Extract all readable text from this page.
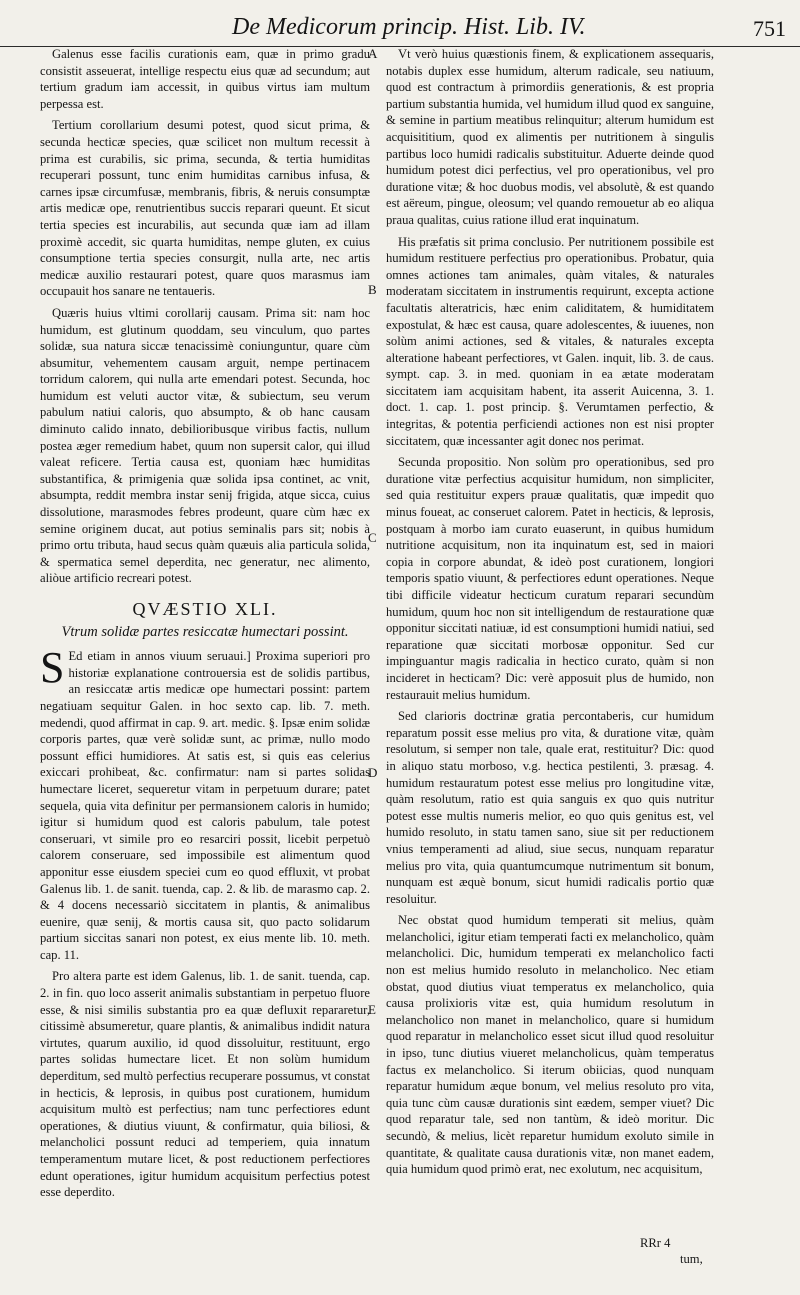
De Medicorum princip. Hist. Lib. IV.	751

Galenus esse facilis curationis eam, quæ in primo gradu consistit asseuerat, intellige respectu eius quæ ad secundum; aut tertium gradum iam accessit, in quibus virtus iam multum perpessa est.

Tertium corollarium desumi potest, quod sicut prima, & secunda hecticæ species, quæ scilicet non multum recessit à prima est curabilis, sic prima, secunda, & tertia humiditas recuperari possunt, tunc enim humiditas carnibus infusa, & carnes ipsæ circumfusæ, membranis, fibris, & neruis consumptæ artis medicæ ope, renutrientibus succis reparari queunt. Et sicut tertia species est incurabilis, aut secunda quæ iam ad illam proximè accedit, sic quarta humiditas, nempe gluten, ex cuius consumptione tertia species consurgit, nulla arte, nec artis medicæ auxilio restaurari potest, quare quos marasmus iam occupauit hos sanare ne tentaueris.

Quæris huius vltimi corollarij causam. Prima sit: nam hoc humidum, est glutinum quoddam, seu vinculum, quo partes solidæ, sua natura siccæ tenacissimè coniunguntur, quare cùm absumitur, vehementem causam arguit, nempe pertinacem torridum calorem, qui nulla arte emendari potest. Secunda, hoc humidum est veluti auctor vitæ, & subiectum, seu verum pabulum natiui caloris, quo absumpto, & ob hanc causam diminuto calido innato, debilioribusque viribus factis, nullum postea æger remedium habet, quum non supersit calor, qui illud valeat reficere. Tertia causa est, quoniam hæc humiditas substantifica, & primigenia quæ solida ipsa continet, ac vnit, absumpta, reddit membra instar senij frigida, atque sicca, cuius dissolutione, marasmodes febres prodeunt, quare cùm hæc ex semine originem ducat, aut potius seminalis pars sit; nobis à primo ortu tributa, haud secus quàm quæuis alia particula solida, & spermatica semel deperdita, nec generatur, nec alimento, aliòue artificio recreari potest.

QVÆSTIO XLI.
Vtrum solidæ partes resiccatæ humectari possint.

S Ed etiam in annos viuum seruaui.] Proxima superiori pro historiæ explanatione controuersia est de solidis partibus, an resiccatæ artis medicæ ope humectari possint: partem negatiuam sequitur Galen. in hoc sexto cap. lib. 7. meth. medendi, quod affirmat in cap. 9. art. medic. §. Ipsæ enim solidæ corporis partes, quæ verè solidæ sunt, ac primæ, nullo modo possunt effici humidiores. At satis est, si quis eas celerius exiccari prohibeat, &c. confirmatur: nam si partes solidas humectare liceret, sequeretur vitam in perpetuum durare; patet sequela, quia vita definitur per permansionem caloris in humido; igitur si humidum quod est caloris pabulum, tale potest conseruari, vt simile pro eo resarciri possit, licebit perpetuò calorem conseruare, sed impossibile est alimentum quod apponitur esse eiusdem speciei cum eo quod effluxit, vt probat Galenus lib. 1. de sanit. tuenda, cap. 2. & lib. de marasmo cap. 2. & 4 docens necessariò siccitatem in plantis, & animalibus euenire, quæ senij, & mortis causa sit, quo pacto solidarum partium siccitas sanari non potest, ex eius mente lib. 10. meth. cap. 11.

Pro altera parte est idem Galenus, lib. 1. de sanit. tuenda, cap. 2. in fin. quo loco asserit animalis substantiam in perpetuo fluore esse, & nisi similis substantia pro ea quæ defluxit repararetur, citissimè absumeretur, quare plantis, & animalibus indidit natura virtutes, quarum auxilio, id quod dissoluitur, restituunt, ergo partes solidas humectare licet. Et non solùm humidum deperditum, sed multò perfectius recuperare possumus, vt constat in hecticis, & leprosis, in quibus post curationem, humidum acquisitum multò est perfectius; nam tunc perfectiores edunt operationes, & diutius viuunt, & confirmatur, quia biliosi, & melancholici possunt reduci ad temperiem, quia innatum temperamentum mutare licet, & post reductionem perfectiores edunt operationes, igitur humidum acquisitum perfectius potest esse deperdito.

A
B
C
D
E

Vt verò huius quæstionis finem, & explicationem assequaris, notabis duplex esse humidum, alterum radicale, seu natiuum, quod est contractum à primordiis generationis, & est propria partium substantia humida, vel humidum illud quod ex sanguine, & semine in partium meatibus relinquitur; alterum humidum est acquisititium, quod ex alimentis per nutritionem à singulis partibus loco humidi radicalis substituitur. Aduerte deinde quod humidum potest dici perfectius, vel pro operationibus, vel pro duratione vitæ; & hoc duobus modis, vel absolutè, & est quando est aëreum, pingue, oleosum; vel quando remouetur ab eo aliqua praua qualitas, cuius ratione illud erat inquinatum.

His præfatis sit prima conclusio. Per nutritionem possibile est humidum restituere perfectius pro operationibus. Probatur, quia omnes actiones tam animales, quàm vitales, & naturales moderatam siccitatem in instrumentis requirunt, excepta actione facultatis alteratricis, hæc enim caliditatem, & humiditatem expostulat, & hæc est causa, quare adolescentes, & iuuenes, non solùm animi actiones, sed & vitales, & naturales excepta alteratione habeant perfectiores, vt Galen. inquit, lib. 3. de caus. sympt. cap. 3. in med. quoniam in ea ætate moderatam siccitatem iam acquisitam habent, ita asserit Auicenna, 3. 1. doct. 1. cap. 1. post princip. §. Verumtamen perfectio, & integritas, & potentia perficiendi actiones non est nisi propter siccitatem, quæ incessanter agit donec nos perimat.

Secunda propositio. Non solùm pro operationibus, sed pro duratione vitæ perfectius acquisitur humidum, non simpliciter, sed quia restituitur expers prauæ qualitatis, quæ impedit quo minus foueat, ac conseruet calorem. Patet in hecticis, & leprosis, postquam à morbo iam curato euaserunt, in quibus humidum nutritione acquisitum, non ita inquinatum est, sed in maiori copia in corpore abundat, & ideò post curationem, longiori temporis spatio viuunt, & perfectiores edunt operationes. Neque tibi difficile videatur hecticum curatum reparari secundùm humidum, quum hoc non sit intelligendum de restauratione quæ opponitur siccitati natiuæ, id est consumptioni humidi natiui, sed reparatione quæ siccitati morbosæ opponitur. Sed cur impinguantur magis radicalia in hectico curato, quàm si non incideret in hecticam? Dic: verè apposuit plus de humido, non restaurauit melius humidum.

Sed clarioris doctrinæ gratia percontaberis, cur humidum reparatum possit esse melius pro vita, & duratione vitæ, quàm resolutum, si semper non tale, quale erat, restituitur? Dic: quod in aliquo statu morboso, v.g. hectica pestilenti, 3. præsag. 4. humidum restauratum potest esse melius pro longitudine vitæ, quàm resolutum, ratio est quia sanguis ex quo quis nutritur potest esse multis numeris melior, eo quo quis genitus est, vel humido resoluto, in statu tamen sano, siue sit per reductionem vnius temperamenti ad aliud, siue secus, nunquam reparatur melius pro vita, quia quantumcumque nutrimentum sit bonum, nunquam est æquè bonum, sicut humidi radicalis portio quæ resoluitur.

Nec obstat quod humidum temperati sit melius, quàm melancholici, igitur etiam temperati facti ex melancholico, quàm melancholici. Dic, humidum temperati ex melancholico facti non est melius humido resoluto in melancholico. Nec etiam obstat, quod diutius viuat temperatus ex melancholico, quia causa prolixioris vitæ est, quia humidum resolutum in melancholico non manet in melancholico, quare si humidum quod reparatur in melancholico esset sicut illud quod resoluitur in ipso, tunc diutius viueret melancholicus, quàm temperatus factus ex melancholico. Si iterum obiicias, quod nunquam reparatur humidum æque bonum, vel melius resoluto pro vita, quia tunc cùm causæ durationis sint eædem, semper viuet? Dic quod reparatur tale, sed non tantùm, & ideò moritur. Dic secundò, & melius, licèt reparetur humidum exoluto simile in quantitate, & qualitate causa durationis vitæ, non manet eadem, quia humidum quod primò erat, nec exolutum, nec acquisitum,

RRr 4
tum,
